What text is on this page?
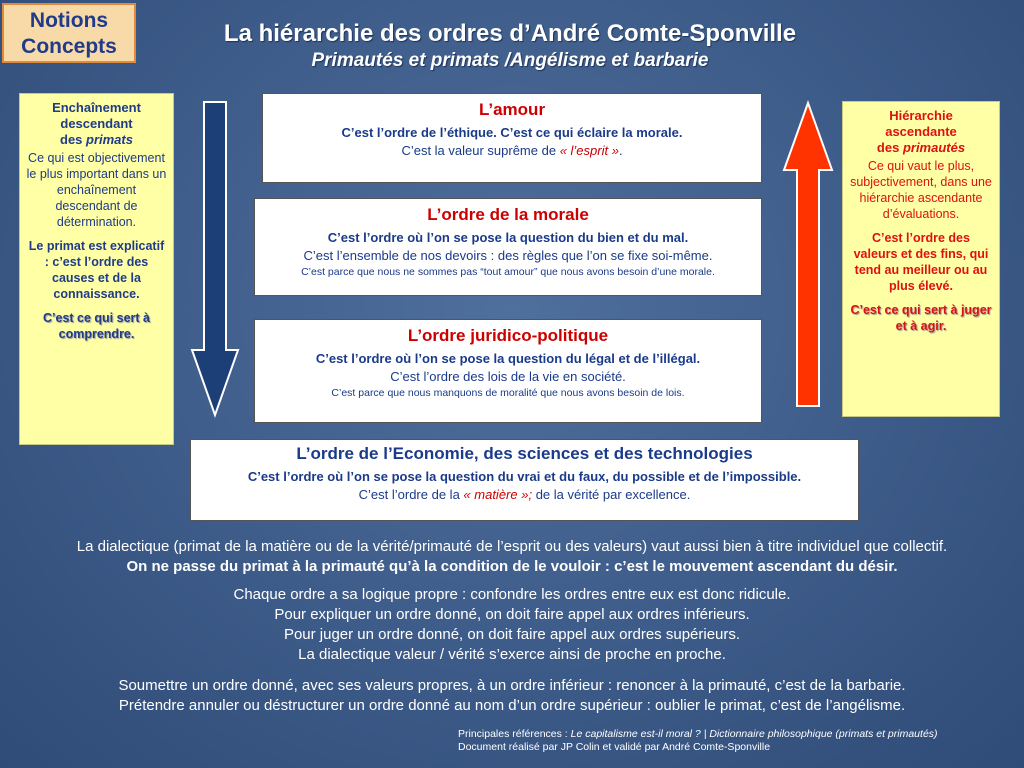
Notions
Concepts	La hiérarchie des ordres d’André Comte-Sponville
Primautés et primats /Angélisme et barbarie
Enchaînement
descendant
des primats
Ce qui est objectivement le plus important dans un enchaînement descendant de détermination.
Le primat est explicatif : c’est l’ordre des causes et de la connaissance.
C’est ce qui sert à comprendre.
Hiérarchie
ascendante
des primautés
Ce qui vaut le plus, subjectivement, dans une hiérarchie ascendante d’évaluations.
C’est l’ordre des valeurs et des fins, qui tend au meilleur ou au plus élevé.
C’est ce qui sert à juger et à agir.
L’amour
C’est l’ordre de l’éthique. C’est ce qui éclaire la morale.
C’est la valeur suprême de « l’esprit ».
L’ordre de la morale
C’est l’ordre où l’on se pose la question du bien et du mal.
C’est l’ensemble de nos devoirs : des règles que l’on se fixe soi-même.
C’est parce que nous ne sommes pas “tout amour” que nous avons besoin d’une morale.
L’ordre juridico-politique
C’est l’ordre où l’on se pose la question du légal et de l’illégal.
C’est l’ordre des lois de la vie en société.
C’est parce que nous manquons de moralité que nous avons besoin de lois.
L’ordre de l’Economie, des sciences et des technologies
C’est l’ordre où l’on se pose la question du vrai et du faux, du possible et de l’impossible.
C’est l’ordre de la « matière »; de la vérité par excellence.
La dialectique (primat de la matière ou de la vérité/primauté de l’esprit ou des valeurs) vaut aussi bien à titre individuel que collectif.
On ne passe du primat à la primauté qu’à la condition de le vouloir : c’est le mouvement ascendant du désir.
Chaque ordre a sa logique propre : confondre les ordres entre eux est donc ridicule.
Pour expliquer un ordre donné, on doit faire appel aux ordres inférieurs.
Pour juger un ordre donné, on doit faire appel aux ordres supérieurs.
La dialectique valeur / vérité s’exerce ainsi de proche en proche.
Soumettre un ordre donné, avec ses valeurs propres, à un ordre inférieur : renoncer à la primauté, c’est de la barbarie.
Prétendre annuler ou déstructurer un ordre donné au nom d’un ordre supérieur : oublier le primat, c’est de l’angélisme.
Principales références : Le capitalisme est-il moral ? | Dictionnaire philosophique (primats et primautés)
Document réalisé par JP Colin et validé par André Comte-Sponville
